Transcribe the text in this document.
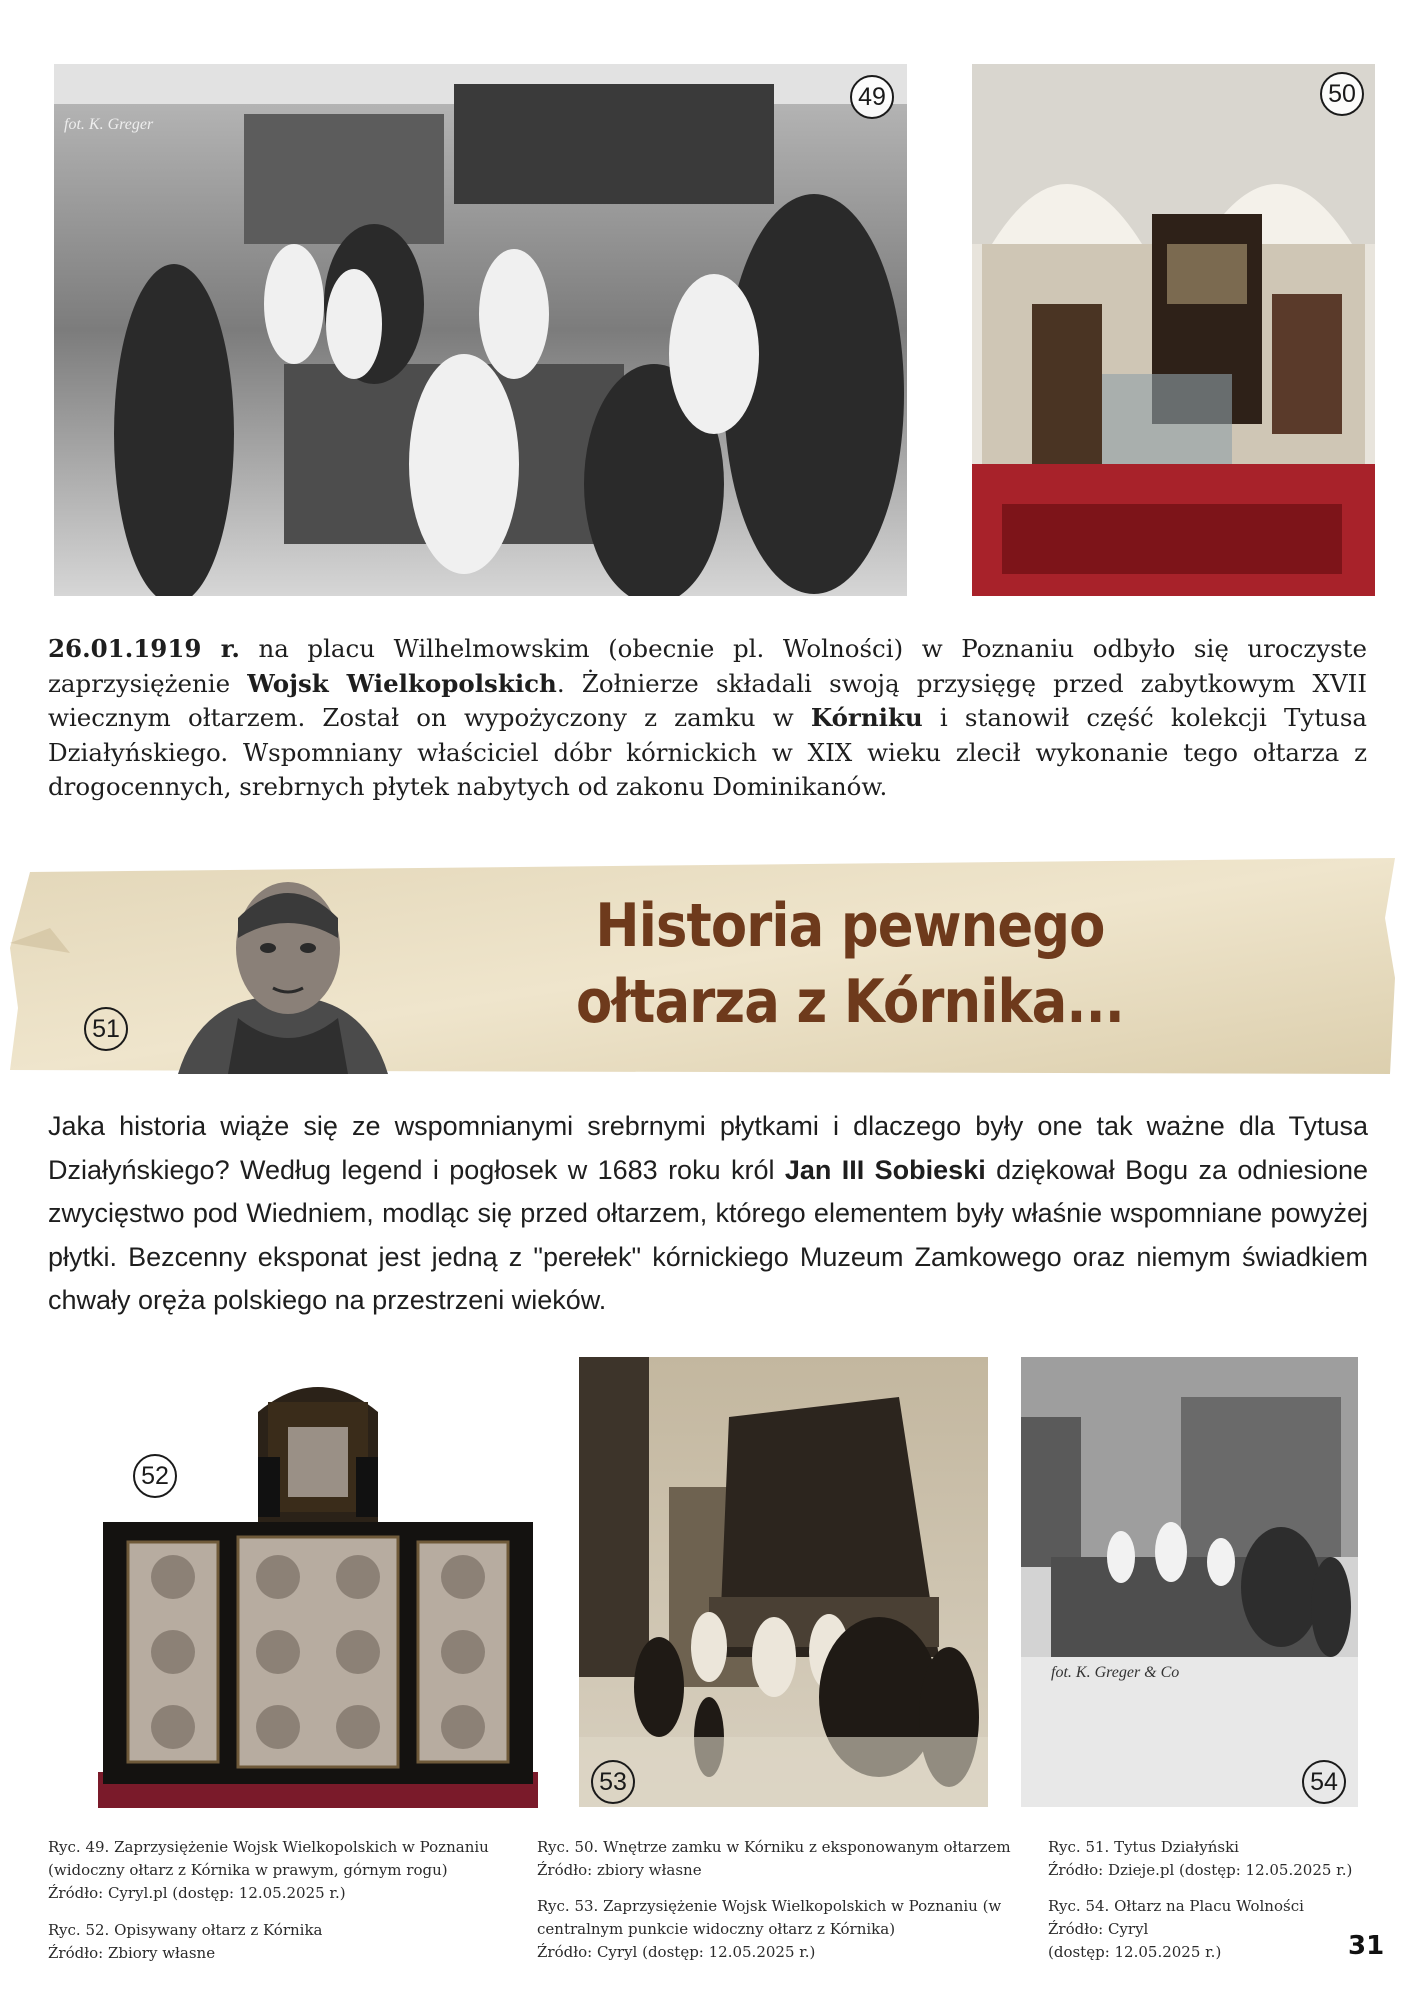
fot. K. Greger
49	50

26.01.1919 r. na placu Wilhelmowskim (obecnie pl. Wolności) w Poznaniu odbyło się uroczyste zaprzysiężenie Wojsk Wielkopolskich. Żołnierze składali swoją przysięgę przed zabytkowym XVII wiecznym ołtarzem. Został on wypożyczony z zamku w Kórniku i stanowił część kolekcji Tytusa Działyńskiego. Wspomniany właściciel dóbr kórnickich w XIX wieku zlecił wykonanie tego ołtarza z drogocennych, srebrnych płytek nabytych od zakonu Dominikanów.

51
Historia pewnego
ołtarza z Kórnika...

Jaka historia wiąże się ze wspomnianymi srebrnymi płytkami i dlaczego były one tak ważne dla Tytusa Działyńskiego? Według legend i pogłosek w 1683 roku król Jan III Sobieski dziękował Bogu za odniesione zwycięstwo pod Wiedniem, modląc się przed ołtarzem, którego elementem były właśnie wspomniane powyżej płytki. Bezcenny eksponat jest jedną z "perełek" kórnickiego Muzeum Zamkowego oraz niemym świadkiem chwały oręża polskiego na przestrzeni wieków.

52
53
fot. K. Greger & Co
54
Ryc. 49. Zaprzysiężenie Wojsk Wielkopolskich w Poznaniu
(widoczny ołtarz z Kórnika w prawym, górnym rogu)
Źródło: Cyryl.pl (dostęp: 12.05.2025 r.)
Ryc. 52. Opisywany ołtarz z Kórnika
Źródło: Zbiory własne
Ryc. 50. Wnętrze zamku w Kórniku z eksponowanym ołtarzem
Źródło: zbiory własne
Ryc. 53. Zaprzysiężenie Wojsk Wielkopolskich w Poznaniu (w
centralnym punkcie widoczny ołtarz z Kórnika)
Źródło: Cyryl (dostęp: 12.05.2025 r.)
Ryc. 51. Tytus Działyński
Źródło: Dzieje.pl (dostęp: 12.05.2025 r.)
Ryc. 54. Ołtarz na Placu Wolności
Źródło: Cyryl
(dostęp: 12.05.2025 r.)	31
